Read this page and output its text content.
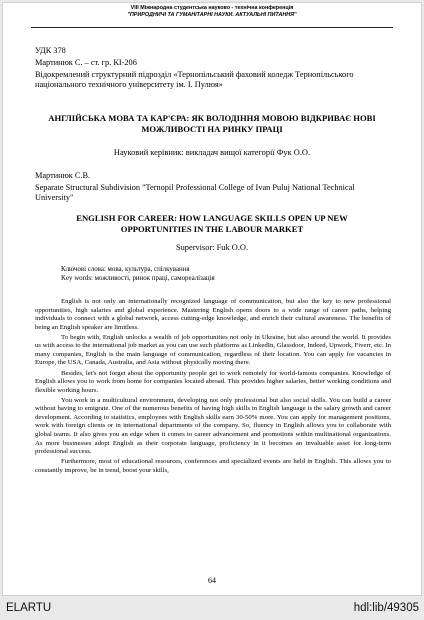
VIII Міжнародна студентська науково - технічна конференція
"ПРИРОДНИЧІ ТА ГУМАНІТАРНІ НАУКИ. АКТУАЛЬНІ ПИТАННЯ"
УДК 378
Мартинюк С. – ст. гр. КІ-206
Відокремлений структурний підрозділ «Тернопільський фаховий коледж Тернопільського національного технічного університету ім. І. Пулюя»
АНГЛІЙСЬКА МОВА ТА КАР'ЄРА: ЯК ВОЛОДІННЯ МОВОЮ ВІДКРИВАЄ НОВІ МОЖЛИВОСТІ НА РИНКУ ПРАЦІ
Науковий керівник: викладач вищої категорії Фук О.О.
Мартинюк С.В.
Separate Structural Subdivision "Ternopil Professional College of Ivan Puluj National Technical University"
ENGLISH FOR CAREER: HOW LANGUAGE SKILLS OPEN UP NEW OPPORTUNITIES IN THE LABOUR MARKET
Supervisor: Fuk O.O.
Ключові слова: мова, культура, спілкування
Key words: можливості, ринок праці, самореалізація

English is not only an internationally recognized language of communication, but also the key to new professional opportunities, high salaries and global experience. Mastering English opens doors to a wide range of career paths, helping individuals to connect with a global network, access cutting-edge knowledge, and enrich their cultural awareness. The benefits of being an English speaker are limitless.

To begin with, English unlocks a wealth of job opportunities not only in Ukraine, but also around the world. It provides us with access to the international job market as you can use such platforms as LinkedIn, Glassdoor, Indeed, Upwork, Fiverr, etc. In many companies, English is the main language of communication, regardless of their location. You can apply for vacancies in Europe, the USA, Canada, Australia, and Asia without physically moving there.

Besides, let's not forget about the opportunity people get to work remotely for world-famous companies. Knowledge of English allows you to work from home for companies located abroad. This provides higher salaries, better working conditions and flexible working hours.

You work in a multicultural environment, developing not only professional but also social skills. You can build a career without having to emigrate. One of the numerous benefits of having high skills in English language is the salary growth and career development. According to statistics, employees with English skills earn 30-50% more. You can apply for management positions, work with foreign clients or in international departments of the company. So, fluency in English allows you to collaborate with global teams. It also gives you an edge when it comes to career advancement and promotions within multinational organizations. As more businesses adopt English as their corporate language, proficiency in it becomes an invaluable asset for long-term professional success.

Furthermore, most of educational resources, conferences and specialized events are held in English. This allows you to constantly improve, be in trend, boost your skills,

64
ELARTU	hdl:lib/49305
